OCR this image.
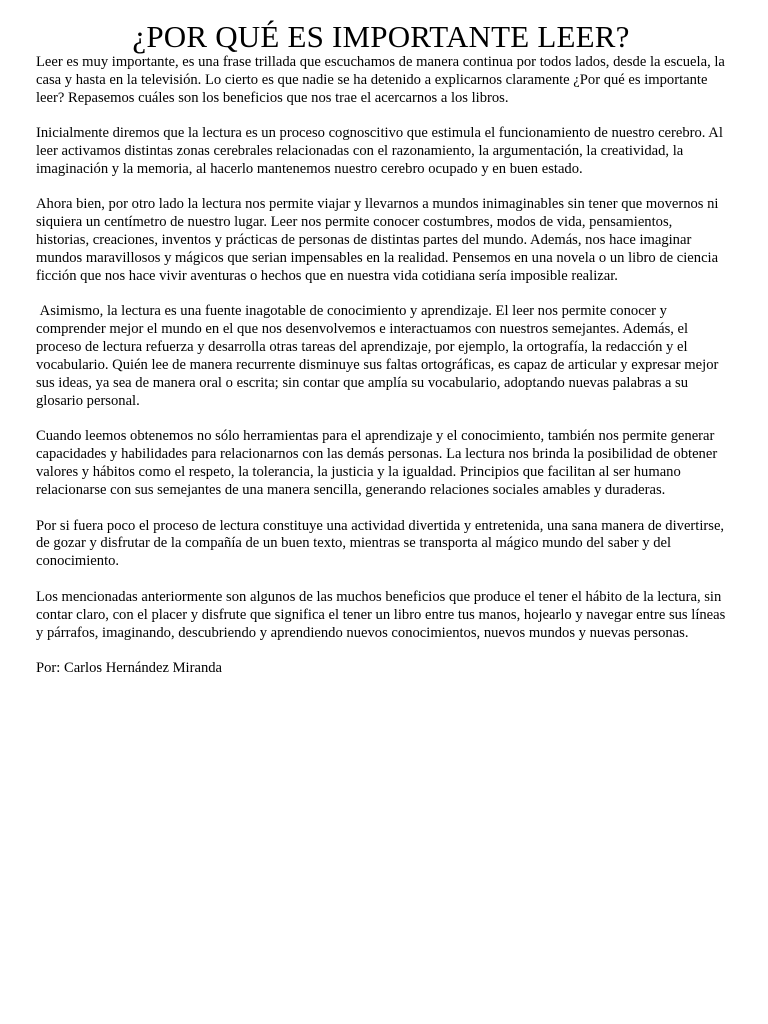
¿POR QUÉ ES IMPORTANTE LEER?

Leer es muy importante, es una frase trillada que escuchamos de manera continua por todos lados, desde la escuela, la casa y hasta en la televisión. Lo cierto es que nadie se ha detenido a explicarnos claramente ¿Por qué es importante leer? Repasemos cuáles son los beneficios que nos trae el acercarnos a los libros.

Inicialmente diremos que la lectura es un proceso cognoscitivo que estimula el funcionamiento de nuestro cerebro. Al leer activamos distintas zonas cerebrales relacionadas con el razonamiento, la argumentación, la creatividad, la imaginación y la memoria, al hacerlo mantenemos nuestro cerebro ocupado y en buen estado.

Ahora bien, por otro lado la lectura nos permite viajar y llevarnos a mundos inimaginables sin tener que movernos ni siquiera un centímetro de nuestro lugar. Leer nos permite conocer costumbres, modos de vida, pensamientos, historias, creaciones, inventos y prácticas de personas de distintas partes del mundo. Además, nos hace imaginar mundos maravillosos y mágicos que serian impensables en la realidad. Pensemos en una novela o un libro de ciencia ficción que nos hace vivir aventuras o hechos que en nuestra vida cotidiana sería imposible realizar.

Asimismo, la lectura es una fuente inagotable de conocimiento y aprendizaje. El leer nos permite conocer y comprender mejor el mundo en el que nos desenvolvemos e interactuamos con nuestros semejantes. Además, el proceso de lectura refuerza y desarrolla otras tareas del aprendizaje, por ejemplo, la ortografía, la redacción y el vocabulario. Quién lee de manera recurrente disminuye sus faltas ortográficas, es capaz de articular y expresar mejor sus ideas, ya sea de manera oral o escrita; sin contar que amplía su vocabulario, adoptando nuevas palabras a su glosario personal.

Cuando leemos obtenemos no sólo herramientas para el aprendizaje y el conocimiento, también nos permite generar capacidades y habilidades para relacionarnos con las demás personas. La lectura nos brinda la posibilidad de obtener valores y hábitos como el respeto, la tolerancia, la justicia y la igualdad. Principios que facilitan al ser humano relacionarse con sus semejantes de una manera sencilla, generando relaciones sociales amables y duraderas.

Por si fuera poco el proceso de lectura constituye una actividad divertida y entretenida, una sana manera de divertirse, de gozar y disfrutar de la compañía de un buen texto, mientras se transporta al mágico mundo del saber y del conocimiento.

Los mencionadas anteriormente son algunos de las muchos beneficios que produce el tener el hábito de la lectura, sin contar claro, con el placer y disfrute que significa el tener un libro entre tus manos, hojearlo y navegar entre sus líneas y párrafos, imaginando, descubriendo y aprendiendo nuevos conocimientos, nuevos mundos y nuevas personas.

Por: Carlos Hernández Miranda
